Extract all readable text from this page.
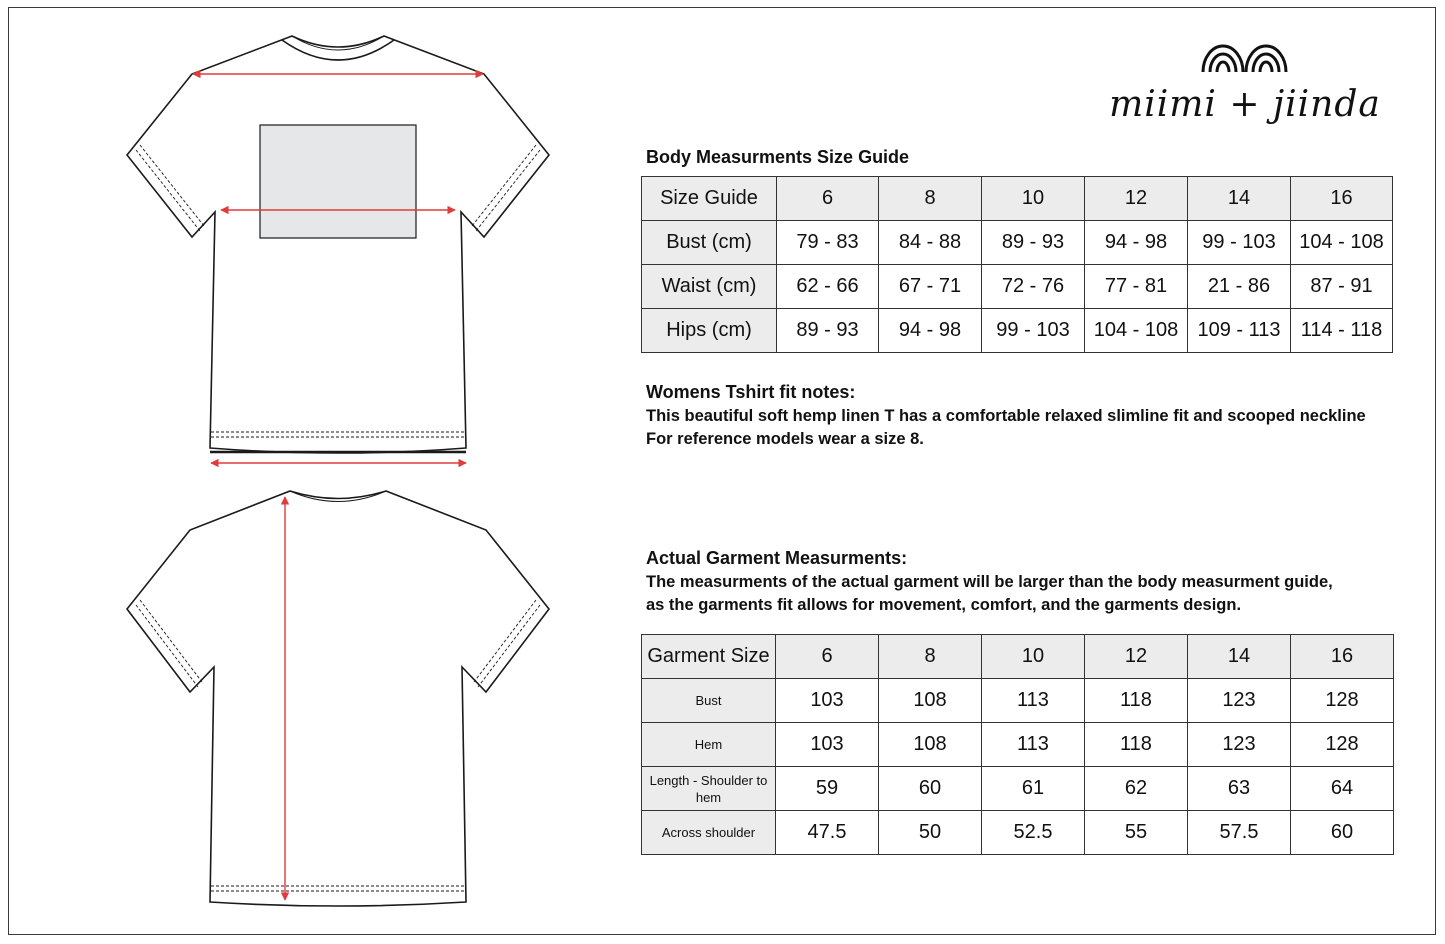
miimi + jiinda
Body Measurments Size Guide
Size Guide	6	8	10	12	14	16
Bust (cm)	79 - 83	84 - 88	89 - 93	94 - 98	99 - 103	104 - 108
Waist (cm)	62 - 66	67 - 71	72 - 76	77 - 81	21 - 86	87 - 91
Hips (cm)	89 - 93	94 - 98	99 - 103	104 - 108	109 - 113	114 - 118
Womens Tshirt fit notes:
This beautiful soft hemp linen T has a comfortable relaxed slimline fit and scooped neckline
For reference models wear a size 8.
Actual Garment Measurments:
The measurments of the actual garment will be larger than the body measurment guide,
as the garments fit allows for movement, comfort, and the garments design.
Garment Size	6	8	10	12	14	16
Bust	103	108	113	118	123	128
Hem	103	108	113	118	123	128
Length - Shoulder to hem	59	60	61	62	63	64
Across shoulder	47.5	50	52.5	55	57.5	60
